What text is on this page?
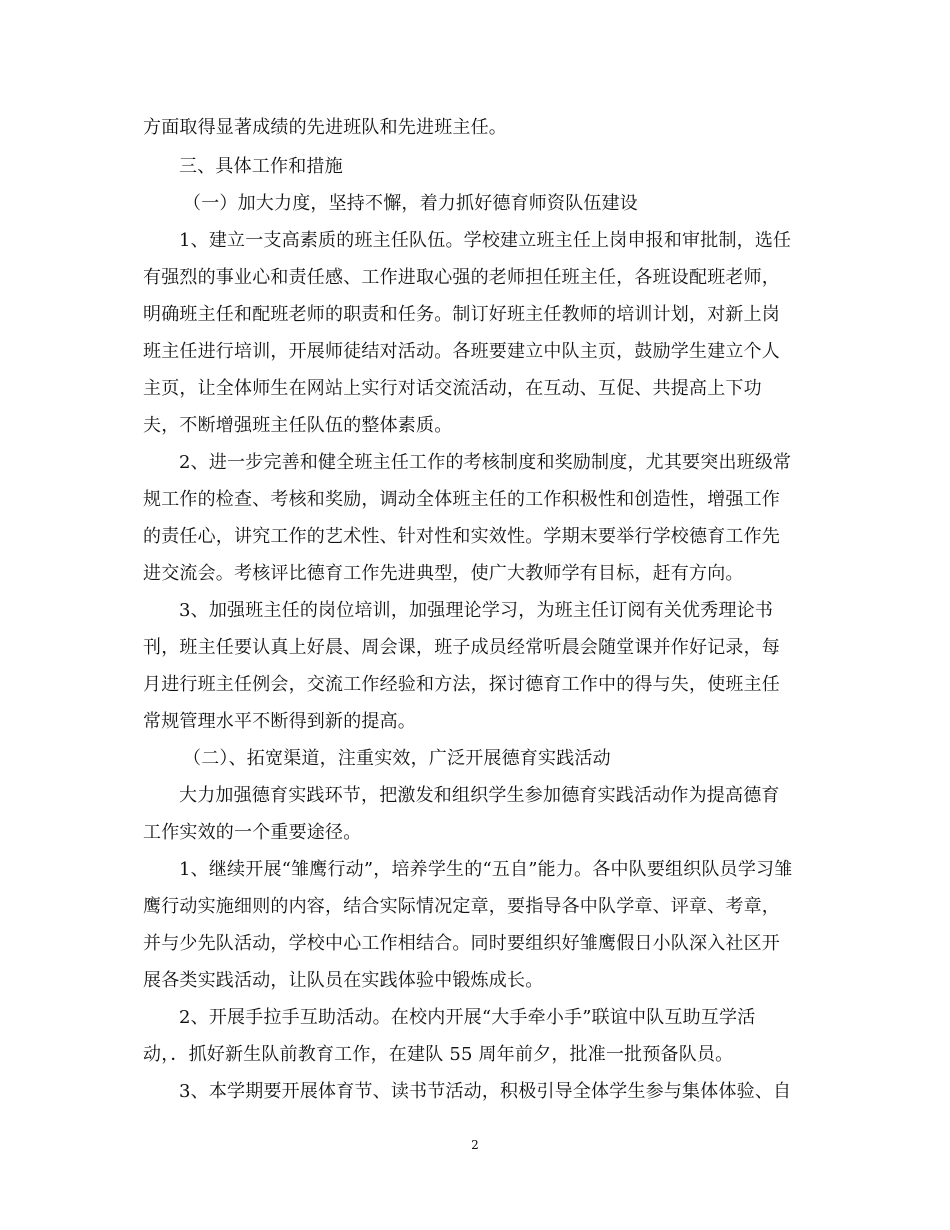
方面取得显著成绩的先进班队和先进班主任。
三、具体工作和措施
（一）加大力度，坚持不懈，着力抓好德育师资队伍建设
1、建立一支高素质的班主任队伍。学校建立班主任上岗申报和审批制，选任
有强烈的事业心和责任感、工作进取心强的老师担任班主任，各班设配班老师，
明确班主任和配班老师的职责和任务。制订好班主任教师的培训计划，对新上岗
班主任进行培训，开展师徒结对活动。各班要建立中队主页，鼓励学生建立个人
主页，让全体师生在网站上实行对话交流活动，在互动、互促、共提高上下功
夫，不断增强班主任队伍的整体素质。
2、进一步完善和健全班主任工作的考核制度和奖励制度，尤其要突出班级常
规工作的检查、考核和奖励，调动全体班主任的工作积极性和创造性，增强工作
的责任心，讲究工作的艺术性、针对性和实效性。学期末要举行学校德育工作先
进交流会。考核评比德育工作先进典型，使广大教师学有目标，赶有方向。
3、加强班主任的岗位培训，加强理论学习，为班主任订阅有关优秀理论书
刊，班主任要认真上好晨、周会课，班子成员经常听晨会随堂课并作好记录，每
月进行班主任例会，交流工作经验和方法，探讨德育工作中的得与失，使班主任
常规管理水平不断得到新的提高。
（二）、拓宽渠道，注重实效，广泛开展德育实践活动
大力加强德育实践环节，把激发和组织学生参加德育实践活动作为提高德育
工作实效的一个重要途径。
1、继续开展“雏鹰行动”，培养学生的“五自”能力。各中队要组织队员学习雏
鹰行动实施细则的内容，结合实际情况定章，要指导各中队学章、评章、考章，
并与少先队活动，学校中心工作相结合。同时要组织好雏鹰假日小队深入社区开
展各类实践活动，让队员在实践体验中锻炼成长。
2、开展手拉手互助活动。在校内开展“大手牵小手”联谊中队互助互学活
动，．抓好新生队前教育工作，在建队 55 周年前夕，批准一批预备队员。
3、本学期要开展体育节、读书节活动，积极引导全体学生参与集体体验、自
2
